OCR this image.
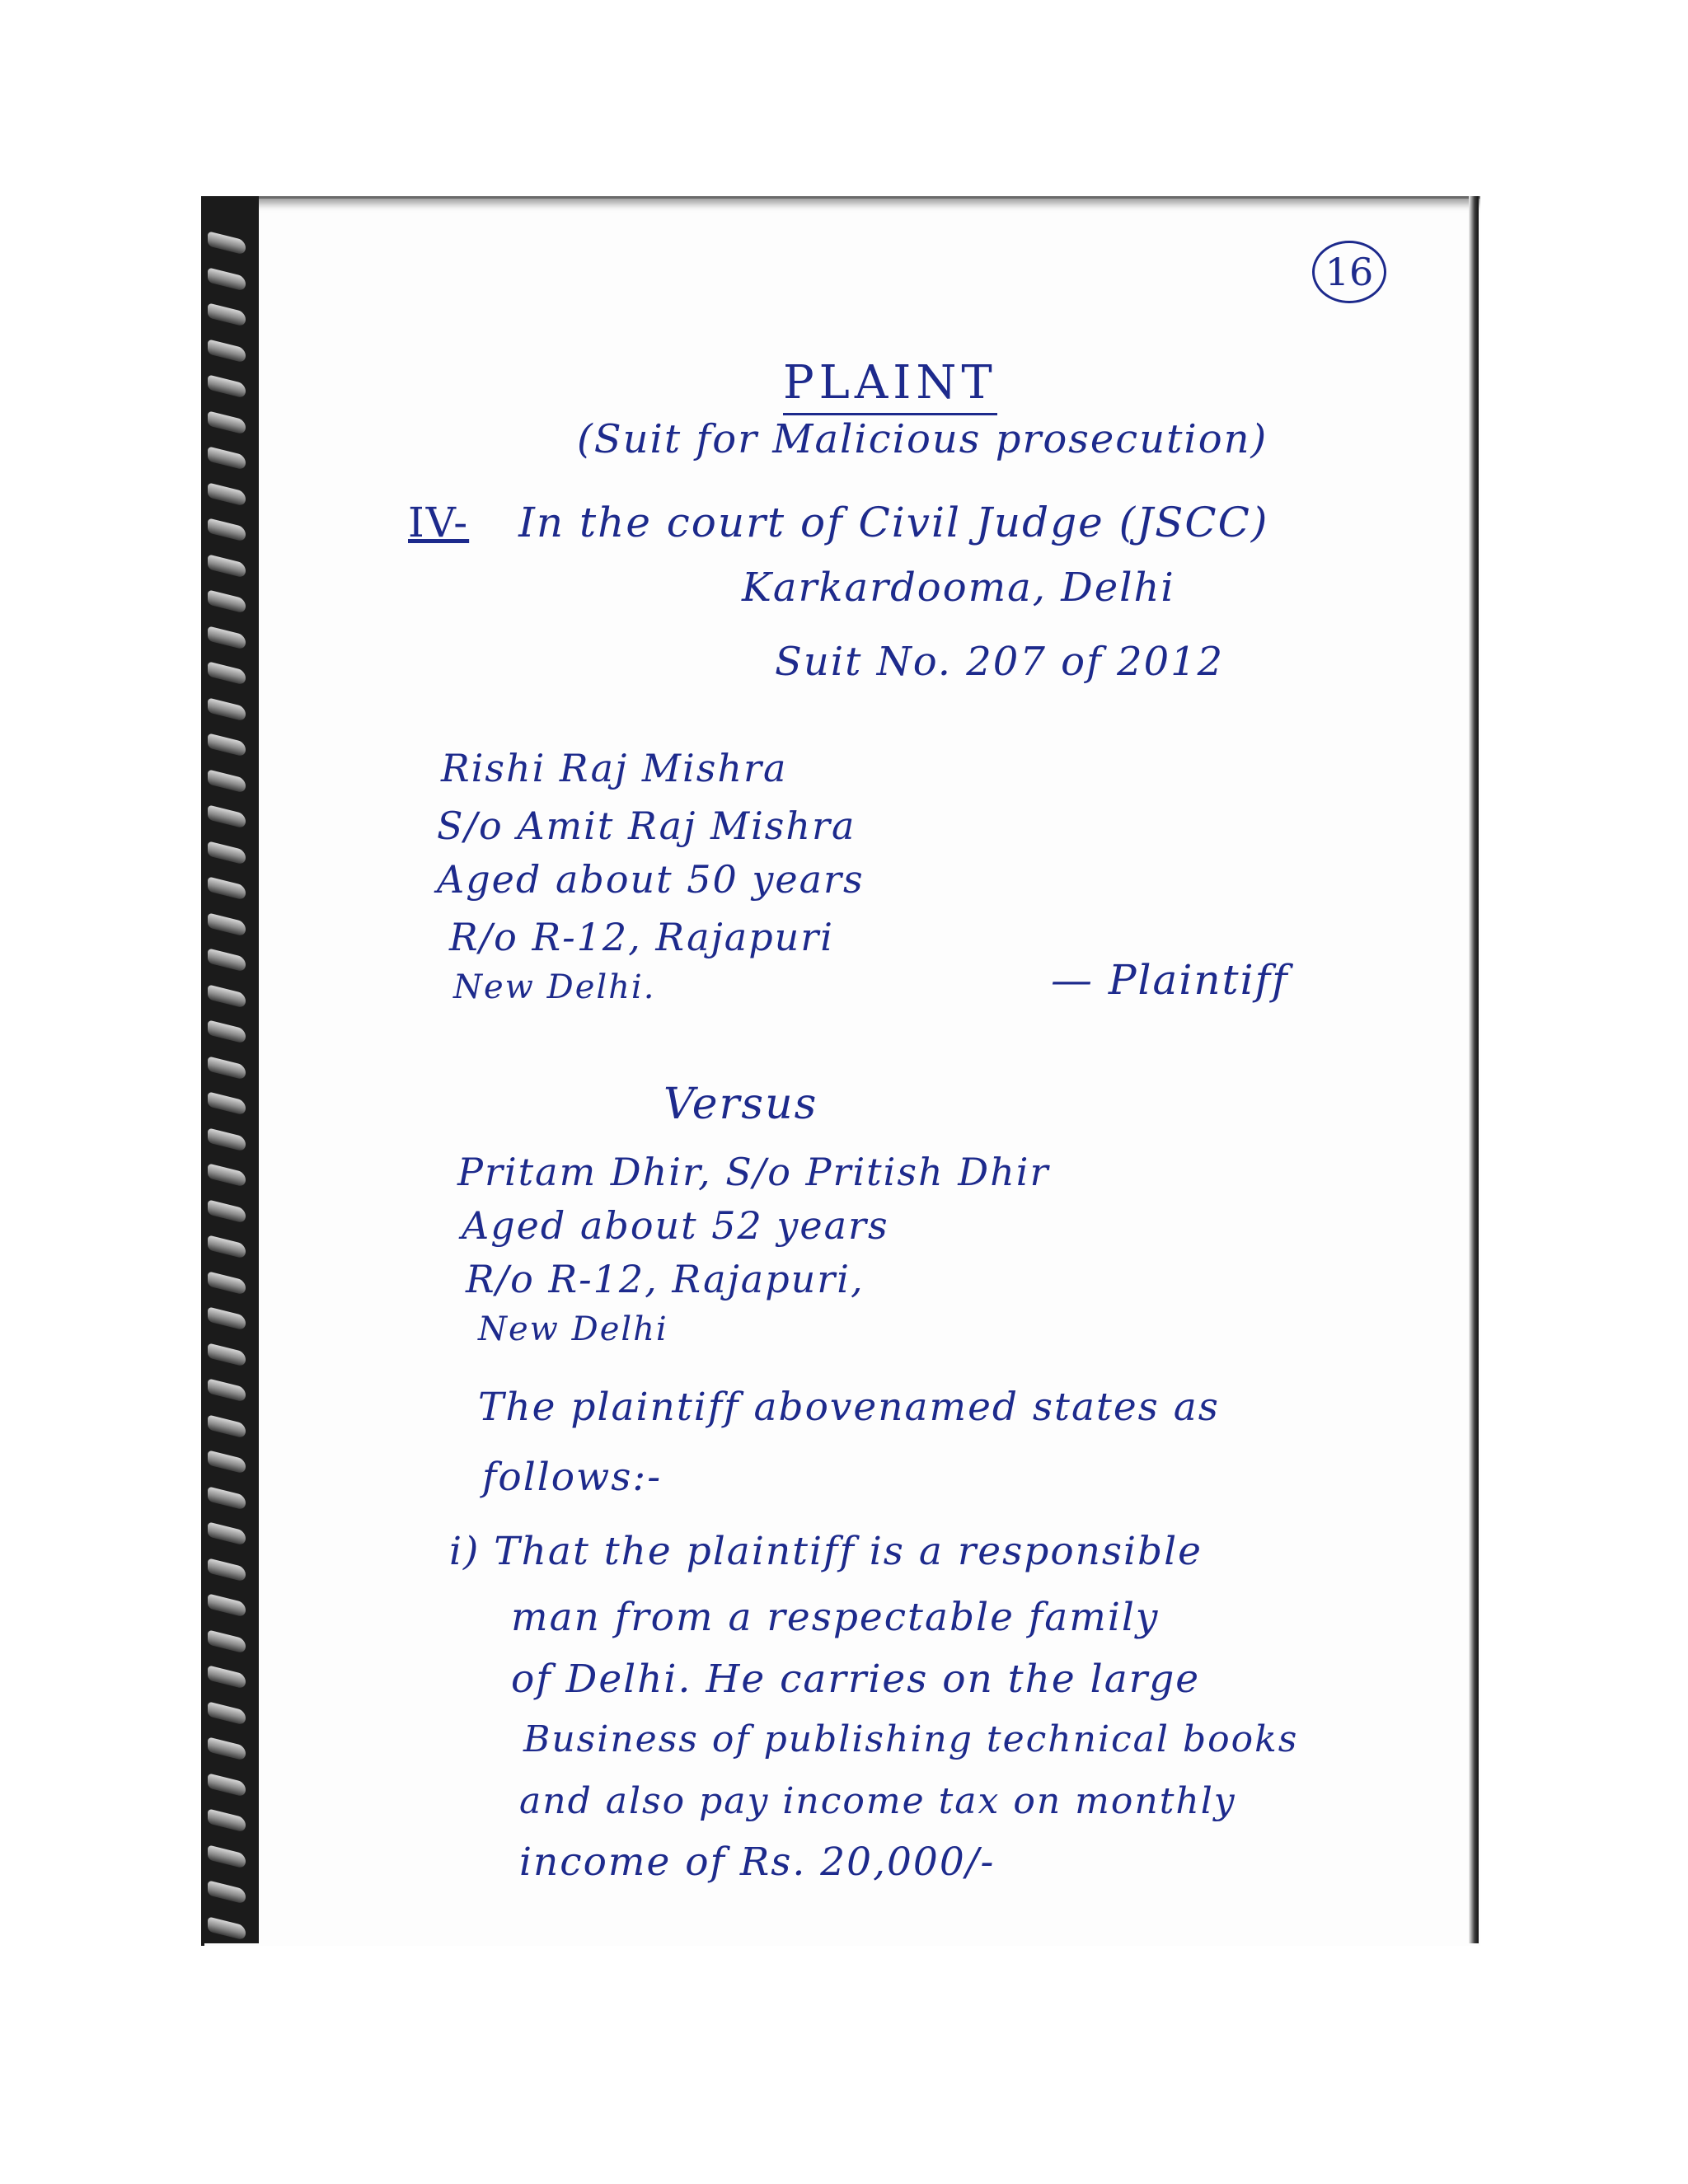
16
PLAINT
(Suit for Malicious prosecution)
IV- In the court of Civil Judge (JSCC)
Karkardooma, Delhi
Suit No. 207 of 2012
Rishi Raj Mishra
S/o Amit Raj Mishra
Aged about 50 years
R/o R-12, Rajapuri
New Delhi.	— Plaintiff
Versus
Pritam Dhir, S/o Pritish Dhir
Aged about 52 years
R/o R-12, Rajapuri,
New Delhi
The plaintiff abovenamed states as
follows:-
i) That the plaintiff is a responsible
man from a respectable family
of Delhi. He carries on the large
Business of publishing technical books
and also pay income tax on monthly
income of Rs. 20,000/-
